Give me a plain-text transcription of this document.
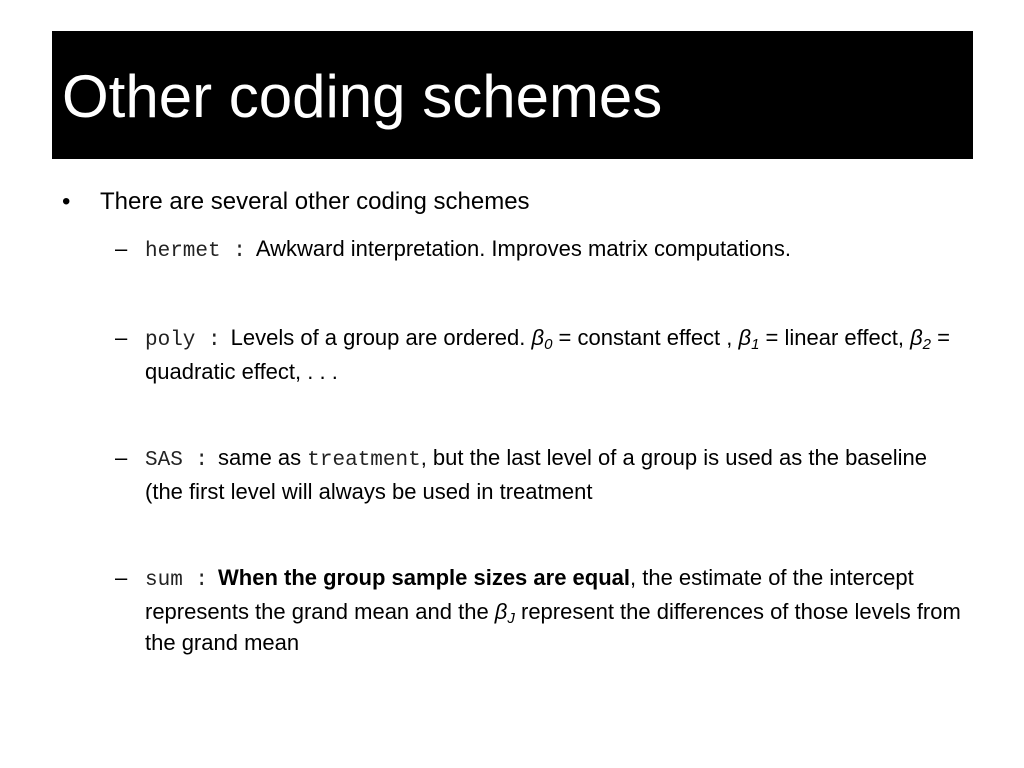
Other coding schemes
• There are several other coding schemes
– hermet : Awkward interpretation. Improves matrix computations.
– poly : Levels of a group are ordered. $\beta_0$ = constant effect , $\beta_1$ = linear effect, $\beta_2$ = quadratic effect, . . .
– SAS : same as treatment, but the last level of a group is used as the baseline (the first level will always be used in treatment
– sum : When the group sample sizes are equal, the estimate of the intercept represents the grand mean and the $\beta_J$ represent the differences of those levels from the grand mean
